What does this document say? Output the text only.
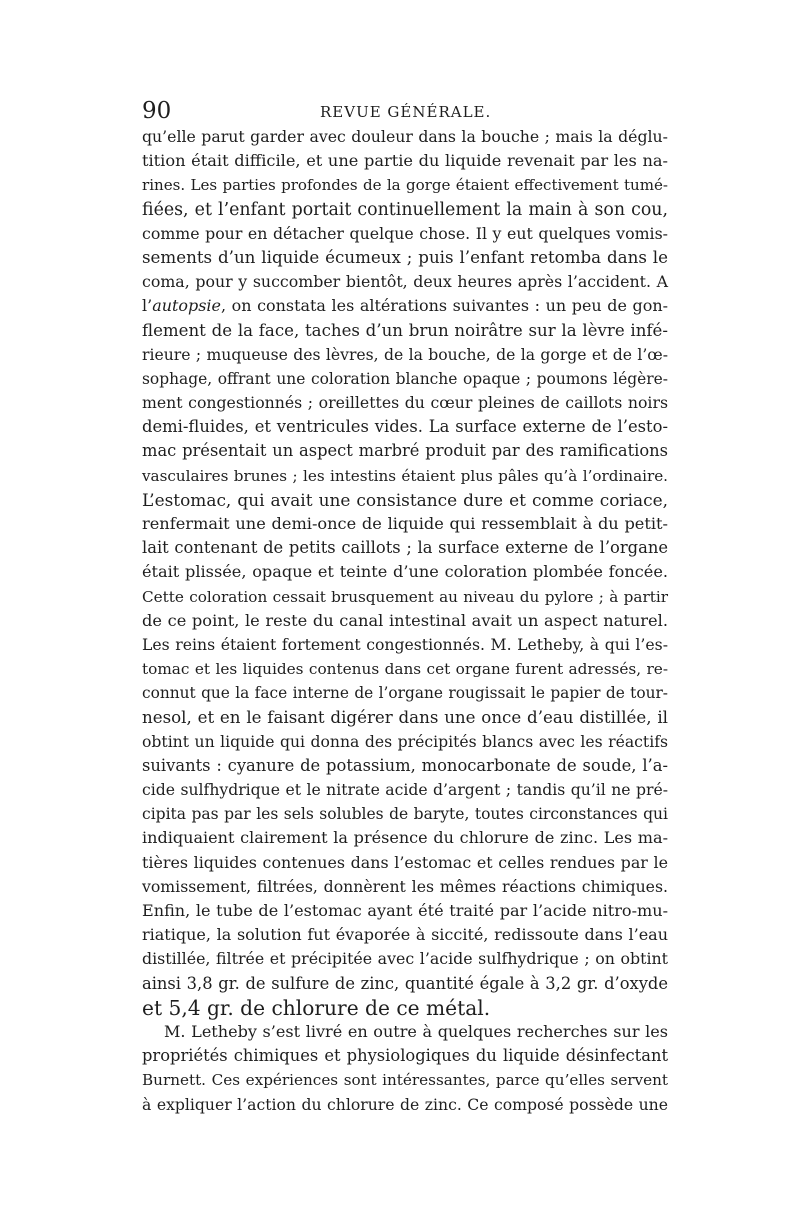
90	REVUE GÉNÉRALE.
qu’elle parut garder avec douleur dans la bouche ; mais la déglu-
tition était difficile, et une partie du liquide revenait par les na-
rines. Les parties profondes de la gorge étaient effectivement tumé-
fiées, et l’enfant portait continuellement la main à son cou,
comme pour en détacher quelque chose. Il y eut quelques vomis-
sements d’un liquide écumeux ; puis l’enfant retomba dans le
coma, pour y succomber bientôt, deux heures après l’accident. A
l’autopsie, on constata les altérations suivantes : un peu de gon-
flement de la face, taches d’un brun noirâtre sur la lèvre infé-
rieure ; muqueuse des lèvres, de la bouche, de la gorge et de l’œ-
sophage, offrant une coloration blanche opaque ; poumons légère-
ment congestionnés ; oreillettes du cœur pleines de caillots noirs
demi-fluides, et ventricules vides. La surface externe de l’esto-
mac présentait un aspect marbré produit par des ramifications
vasculaires brunes ; les intestins étaient plus pâles qu’à l’ordinaire.
L’estomac, qui avait une consistance dure et comme coriace,
renfermait une demi-once de liquide qui ressemblait à du petit-
lait contenant de petits caillots ; la surface externe de l’organe
était plissée, opaque et teinte d’une coloration plombée foncée.
Cette coloration cessait brusquement au niveau du pylore ; à partir
de ce point, le reste du canal intestinal avait un aspect naturel.
Les reins étaient fortement congestionnés. M. Letheby, à qui l’es-
tomac et les liquides contenus dans cet organe furent adressés, re-
connut que la face interne de l’organe rougissait le papier de tour-
nesol, et en le faisant digérer dans une once d’eau distillée, il
obtint un liquide qui donna des précipités blancs avec les réactifs
suivants : cyanure de potassium, monocarbonate de soude, l’a-
cide sulfhydrique et le nitrate acide d’argent ; tandis qu’il ne pré-
cipita pas par les sels solubles de baryte, toutes circonstances qui
indiquaient clairement la présence du chlorure de zinc. Les ma-
tières liquides contenues dans l’estomac et celles rendues par le
vomissement, filtrées, donnèrent les mêmes réactions chimiques.
Enfin, le tube de l’estomac ayant été traité par l’acide nitro-mu-
riatique, la solution fut évaporée à siccité, redissoute dans l’eau
distillée, filtrée et précipitée avec l’acide sulfhydrique ; on obtint
ainsi 3,8 gr. de sulfure de zinc, quantité égale à 3,2 gr. d’oxyde
et 5,4 gr. de chlorure de ce métal.
M. Letheby s’est livré en outre à quelques recherches sur les
propriétés chimiques et physiologiques du liquide désinfectant
Burnett. Ces expériences sont intéressantes, parce qu’elles servent
à expliquer l’action du chlorure de zinc. Ce composé possède une
